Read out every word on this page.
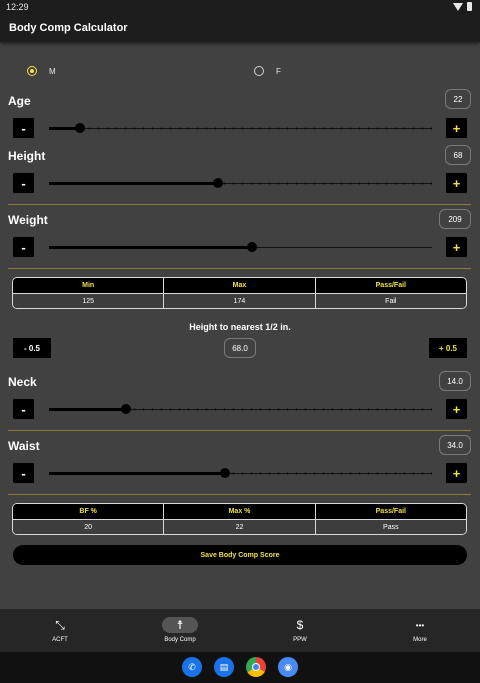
12:29
Body Comp Calculator
M	F
Age	22
-	+
Height	68
-	+
Weight	209
-	+
Min	Max	Pass/Fail
125	174	Fail
Height to nearest 1/2 in.
- 0.5	68.0	+ 0.5
Neck	14.0
-	+
Waist	34.0
-	+
BF %	Max %	Pass/Fail
20	22	Pass
Save Body Comp Score
⤡
ACFT
☨
Body Comp
$
PPW
•••
More
✆	▤	◉
